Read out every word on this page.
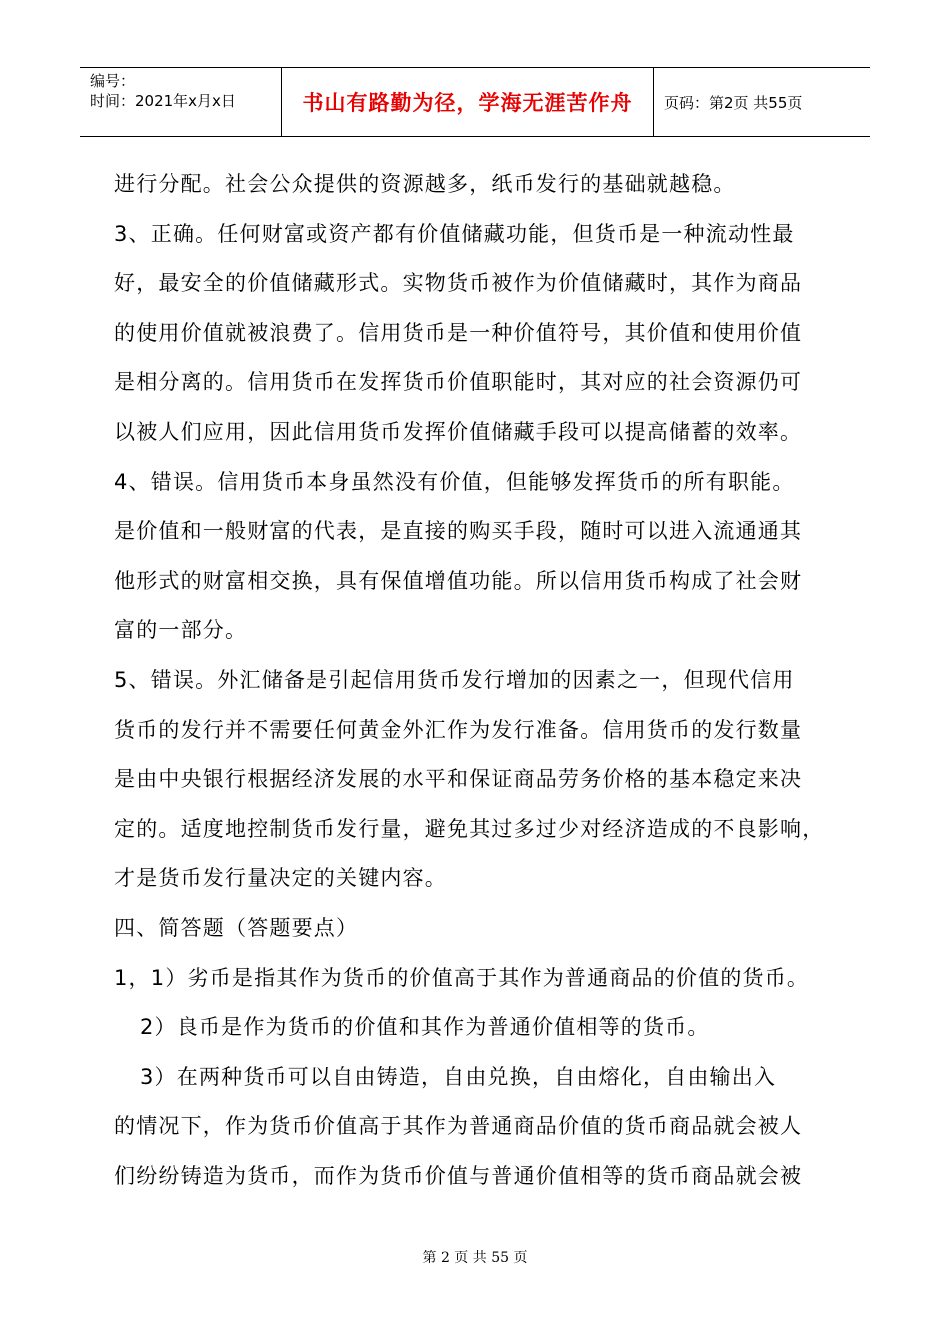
编号：
时间：2021年x月x日	书山有路勤为径，学海无涯苦作舟 页码：第2页 共55页

进行分配。社会公众提供的资源越多，纸币发行的基础就越稳。

3、正确。任何财富或资产都有价值储藏功能，但货币是一种流动性最

好，最安全的价值储藏形式。实物货币被作为价值储藏时，其作为商品

的使用价值就被浪费了。信用货币是一种价值符号，其价值和使用价值

是相分离的。信用货币在发挥货币价值职能时，其对应的社会资源仍可

以被人们应用，因此信用货币发挥价值储藏手段可以提高储蓄的效率。

4、错误。信用货币本身虽然没有价值，但能够发挥货币的所有职能。

是价值和一般财富的代表，是直接的购买手段，随时可以进入流通通其

他形式的财富相交换，具有保值增值功能。所以信用货币构成了社会财

富的一部分。

5、错误。外汇储备是引起信用货币发行增加的因素之一，但现代信用

货币的发行并不需要任何黄金外汇作为发行准备。信用货币的发行数量

是由中央银行根据经济发展的水平和保证商品劳务价格的基本稳定来决

定的。适度地控制货币发行量，避免其过多过少对经济造成的不良影响，

才是货币发行量决定的关键内容。

四、简答题（答题要点）

1，1）劣币是指其作为货币的价值高于其作为普通商品的价值的货币。

2）良币是作为货币的价值和其作为普通价值相等的货币。

3）在两种货币可以自由铸造，自由兑换，自由熔化，自由输出入

的情况下，作为货币价值高于其作为普通商品价值的货币商品就会被人

们纷纷铸造为货币，而作为货币价值与普通价值相等的货币商品就会被

第 2 页 共 55 页
